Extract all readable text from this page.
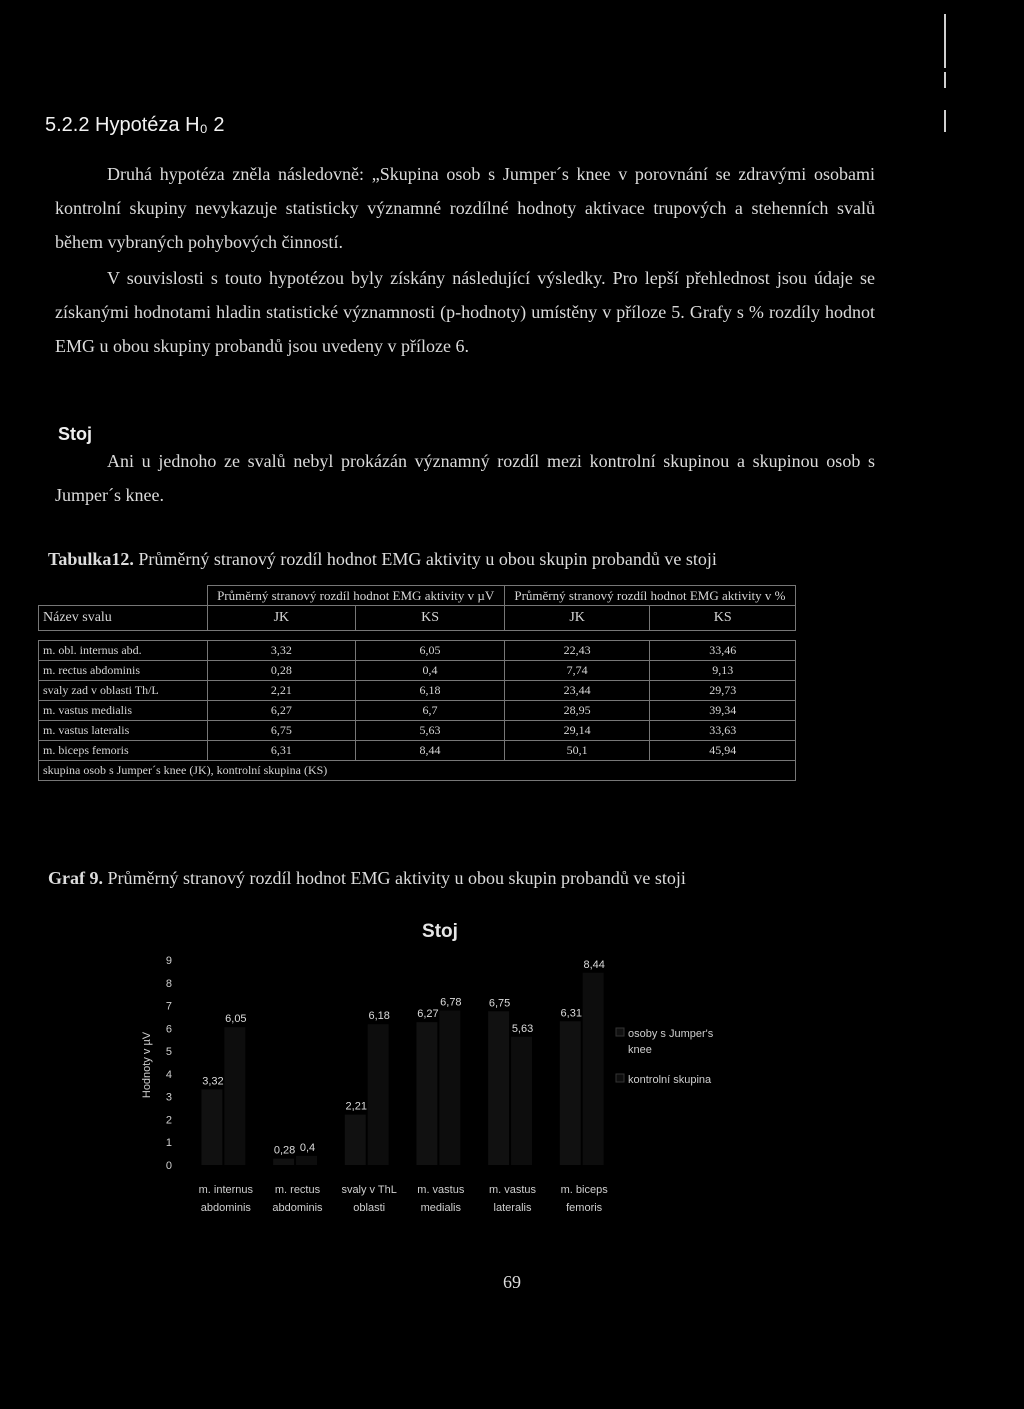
5.2.2 Hypotéza H₀ 2
Druhá hypotéza zněla následovně: „Skupina osob s Jumper´s knee v porovnání se zdravými osobami kontrolní skupiny nevykazuje statisticky významné rozdílné hodnoty aktivace trupových a stehenních svalů během vybraných pohybových činností.
V souvislosti s touto hypotézou byly získány následující výsledky. Pro lepší přehlednost jsou údaje se získanými hodnotami hladin statistické významnosti (p-hodnoty) umístěny v příloze 5. Grafy s % rozdíly hodnot EMG u obou skupiny probandů jsou uvedeny v příloze 6.
Stoj
Ani u jednoho ze svalů nebyl prokázán významný rozdíl mezi kontrolní skupinou a skupinou osob s Jumper´s knee.
Tabulka12. Průměrný stranový rozdíl hodnot EMG aktivity u obou skupin probandů ve stoji
	Průměrný stranový rozdíl hodnot EMG aktivity v µV		Průměrný stranový rozdíl hodnot EMG aktivity v %	
Název svalu	JK	KS	JK	KS

m. obl. internus abd.	3,32	6,05	22,43	33,46
m. rectus abdominis	0,28	0,4	7,74	9,13
svaly zad v oblasti Th/L	2,21	6,18	23,44	29,73
m. vastus medialis	6,27	6,7	28,95	39,34
m. vastus lateralis	6,75	5,63	29,14	33,63
m. biceps femoris	6,31	8,44	50,1	45,94
skupina osob s Jumper´s knee (JK), kontrolní skupina (KS)				
Graf 9. Průměrný stranový rozdíl hodnot EMG aktivity u obou skupin probandů ve stoji
Stoj
Hodnoty v µV
0
1
2
3
4
5
6
7
8
9
3,32
0,28
2,21
6,27
6,75
6,31
6,05
0,4
6,18
6,78
5,63
8,44
m. internus abdominis
m. rectus abdominis
svaly v ThL oblasti
m. vastus medialis
m. vastus lateralis
m. biceps femoris
osoby s Jumper's knee
kontrolní skupina
69
